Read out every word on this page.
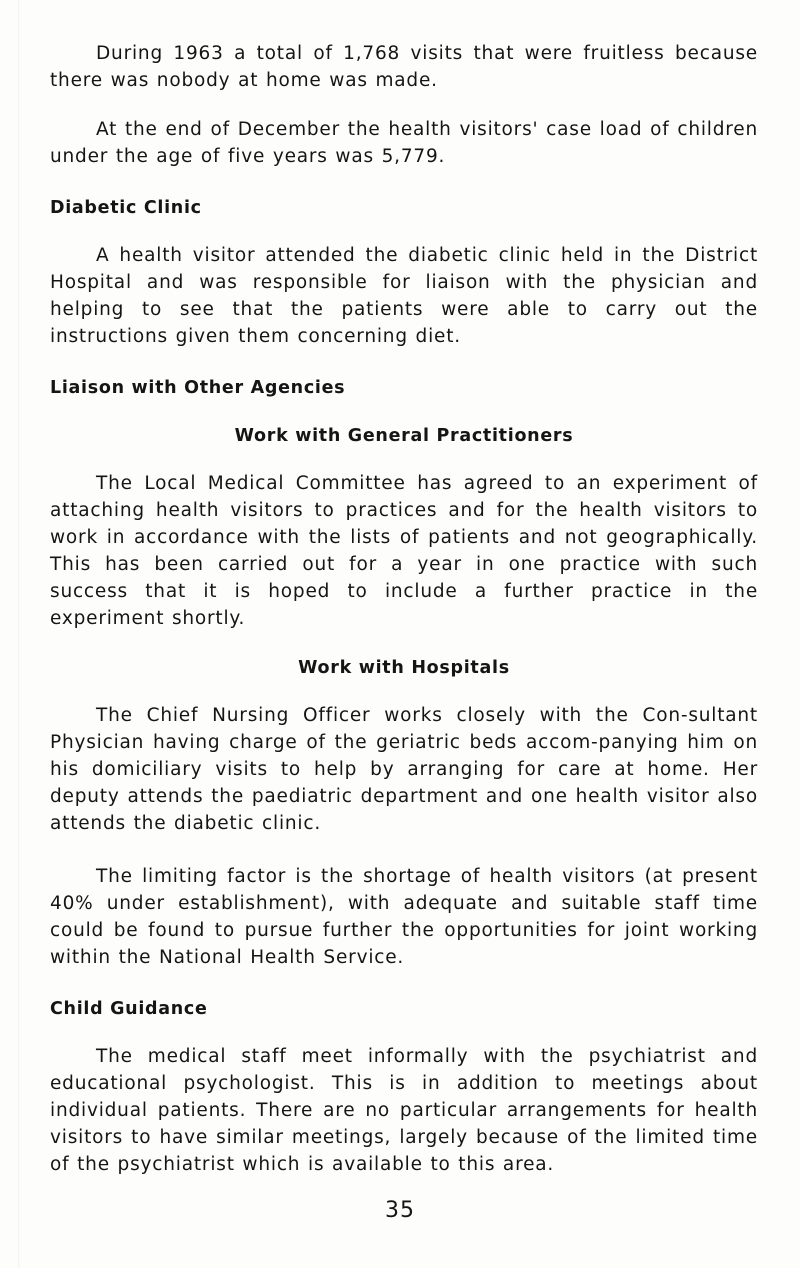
During 1963 a total of 1,768 visits that were fruitless because there was nobody at home was made.

At the end of December the health visitors' case load of children under the age of five years was 5,779.

Diabetic Clinic

A health visitor attended the diabetic clinic held in the District Hospital and was responsible for liaison with the physician and helping to see that the patients were able to carry out the instructions given them concerning diet.

Liaison with Other Agencies
Work with General Practitioners

The Local Medical Committee has agreed to an experiment of attaching health visitors to practices and for the health visitors to work in accordance with the lists of patients and not geographically. This has been carried out for a year in one practice with such success that it is hoped to include a further practice in the experiment shortly.

Work with Hospitals

The Chief Nursing Officer works closely with the Con-sultant Physician having charge of the geriatric beds accom-panying him on his domiciliary visits to help by arranging for care at home. Her deputy attends the paediatric department and one health visitor also attends the diabetic clinic.

The limiting factor is the shortage of health visitors (at present 40% under establishment), with adequate and suitable staff time could be found to pursue further the opportunities for joint working within the National Health Service.

Child Guidance

The medical staff meet informally with the psychiatrist and educational psychologist. This is in addition to meetings about individual patients. There are no particular arrangements for health visitors to have similar meetings, largely because of the limited time of the psychiatrist which is available to this area.

35
